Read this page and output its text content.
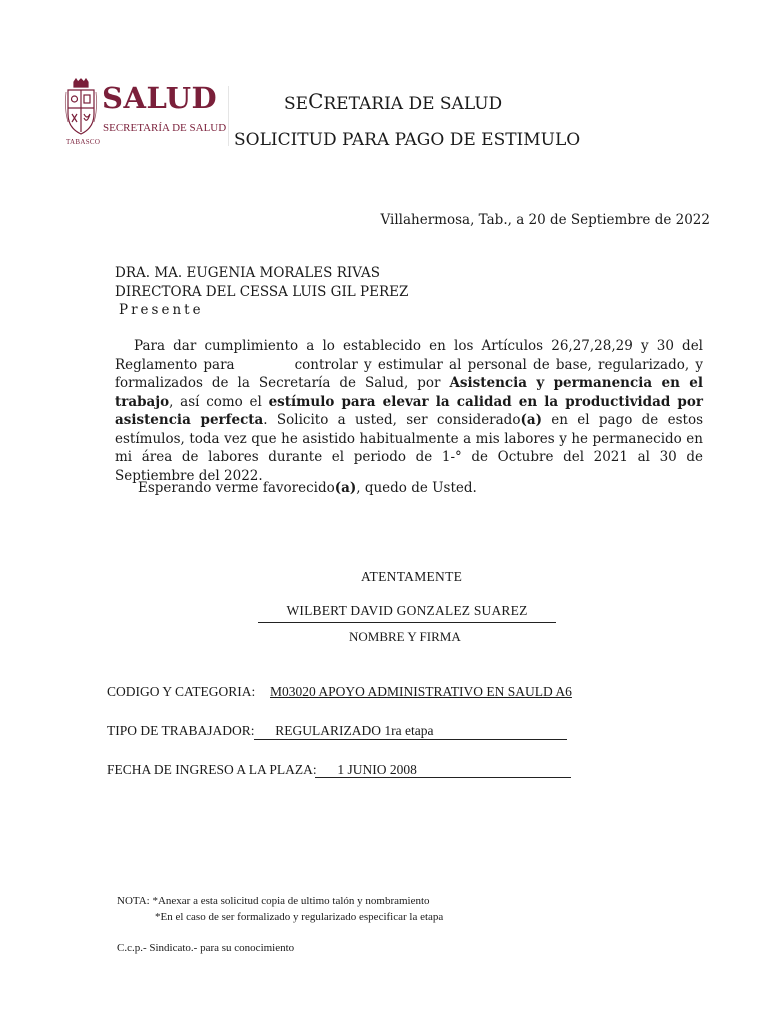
SALUD
SECRETARÍA DE SALUD
TABASCO
SECRETARIA DE SALUD
SOLICITUD PARA PAGO DE ESTIMULO
Villahermosa, Tab., a 20 de Septiembre de 2022
DRA. MA. EUGENIA MORALES RIVAS
DIRECTORA DEL CESSA LUIS GIL PEREZ
Presente
Para dar cumplimiento a lo establecido en los Artículos 26,27,28,29 y 30 del Reglamento para	controlar y estimular al personal de base, regularizado, y formalizados de la Secretaría de Salud, por Asistencia y permanencia en el trabajo, así como el estímulo para elevar la calidad en la productividad por asistencia perfecta. Solicito a usted, ser considerado(a) en el pago de estos estímulos, toda vez que he asistido habitualmente a mis labores y he permanecido en mi área de labores durante el periodo de 1-° de Octubre del 2021 al 30 de Septiembre del 2022.
Esperando verme favorecido(a), quedo de Usted.
ATENTAMENTE
WILBERT DAVID GONZALEZ SUAREZ
NOMBRE Y FIRMA
CODIGO Y CATEGORIA: M03020 APOYO ADMINISTRATIVO EN SAULD A6
TIPO DE TRABAJADOR: REGULARIZADO 1ra etapa
FECHA DE INGRESO A LA PLAZA: 1 JUNIO 2008
NOTA: *Anexar a esta solicitud copia de ultimo talón y nombramiento
*En el caso de ser formalizado y regularizado especificar la etapa
C.c.p.- Sindicato.- para su conocimiento
